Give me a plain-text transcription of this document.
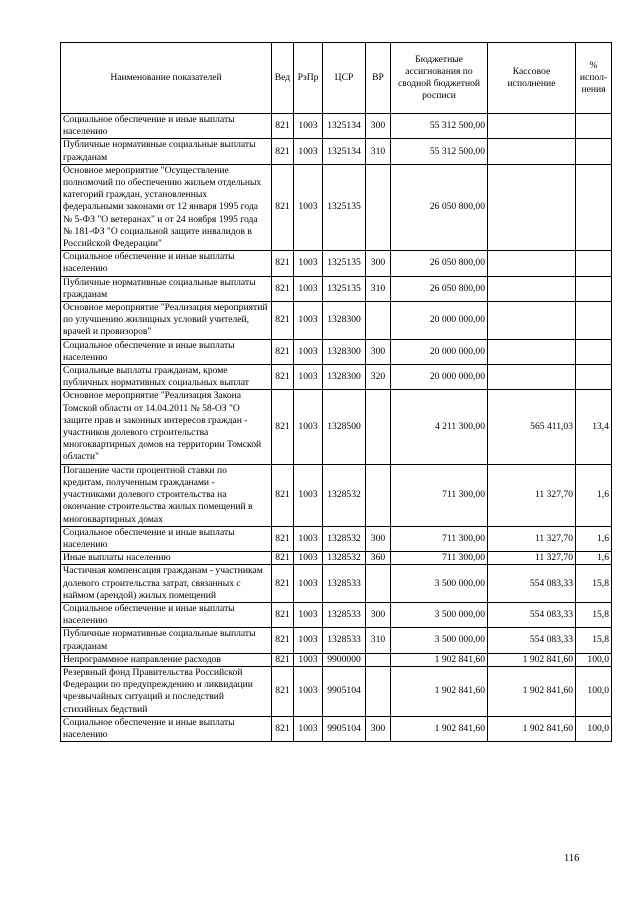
Наименование показателей	Вед	РзПр	ЦСР	ВР	Бюджетные ассигнования по сводной бюджетной росписи	Кассовое исполнение	% испол- нения
Социальное обеспечение и иные выплаты населению	821	1003	1325134	300	55 312 500,00		
Публичные нормативные социальные выплаты гражданам	821	1003	1325134	310	55 312 500,00		
Основное мероприятие "Осуществление полномочий по обеспечению жильем отдельных категорий граждан, установленных федеральными законами от 12 января 1995 года № 5-ФЗ "О ветеранах" и от 24 ноября 1995 года № 181-ФЗ "О социальной защите инвалидов в Российской Федерации"	821	1003	1325135		26 050 800,00		
Социальное обеспечение и иные выплаты населению	821	1003	1325135	300	26 050 800,00		
Публичные нормативные социальные выплаты гражданам	821	1003	1325135	310	26 050 800,00		
Основное мероприятие "Реализация мероприятий по улучшению жилищных условий учителей, врачей и провизоров"	821	1003	1328300		20 000 000,00		
Социальное обеспечение и иные выплаты населению	821	1003	1328300	300	20 000 000,00		
Социальные выплаты гражданам, кроме публичных нормативных социальных выплат	821	1003	1328300	320	20 000 000,00		
Основное мероприятие "Реализация Закона Томской области от 14.04.2011 № 58-ОЗ "О защите прав и законных интересов граждан - участников долевого строительства многоквартирных домов на территории Томской области"	821	1003	1328500		4 211 300,00	565 411,03	13,4
Погашение части процентной ставки по кредитам, полученным гражданами - участниками долевого строительства на окончание строительства жилых помещений в многоквартирных домах	821	1003	1328532		711 300,00	11 327,70	1,6
Социальное обеспечение и иные выплаты населению	821	1003	1328532	300	711 300,00	11 327,70	1,6
Иные выплаты населению	821	1003	1328532	360	711 300,00	11 327,70	1,6
Частичная компенсация гражданам - участникам долевого строительства затрат, связанных с наймом (арендой) жилых помещений	821	1003	1328533		3 500 000,00	554 083,33	15,8
Социальное обеспечение и иные выплаты населению	821	1003	1328533	300	3 500 000,00	554 083,33	15,8
Публичные нормативные социальные выплаты гражданам	821	1003	1328533	310	3 500 000,00	554 083,33	15,8
Непрограммное направление расходов	821	1003	9900000		1 902 841,60	1 902 841,60	100,0
Резервный фонд Правительства Российской Федерации по предупреждению и ликвидации чрезвычайных ситуаций и последствий стихийных бедствий	821	1003	9905104		1 902 841,60	1 902 841,60	100,0
Социальное обеспечение и иные выплаты населению	821	1003	9905104	300	1 902 841,60	1 902 841,60	100,0
116
